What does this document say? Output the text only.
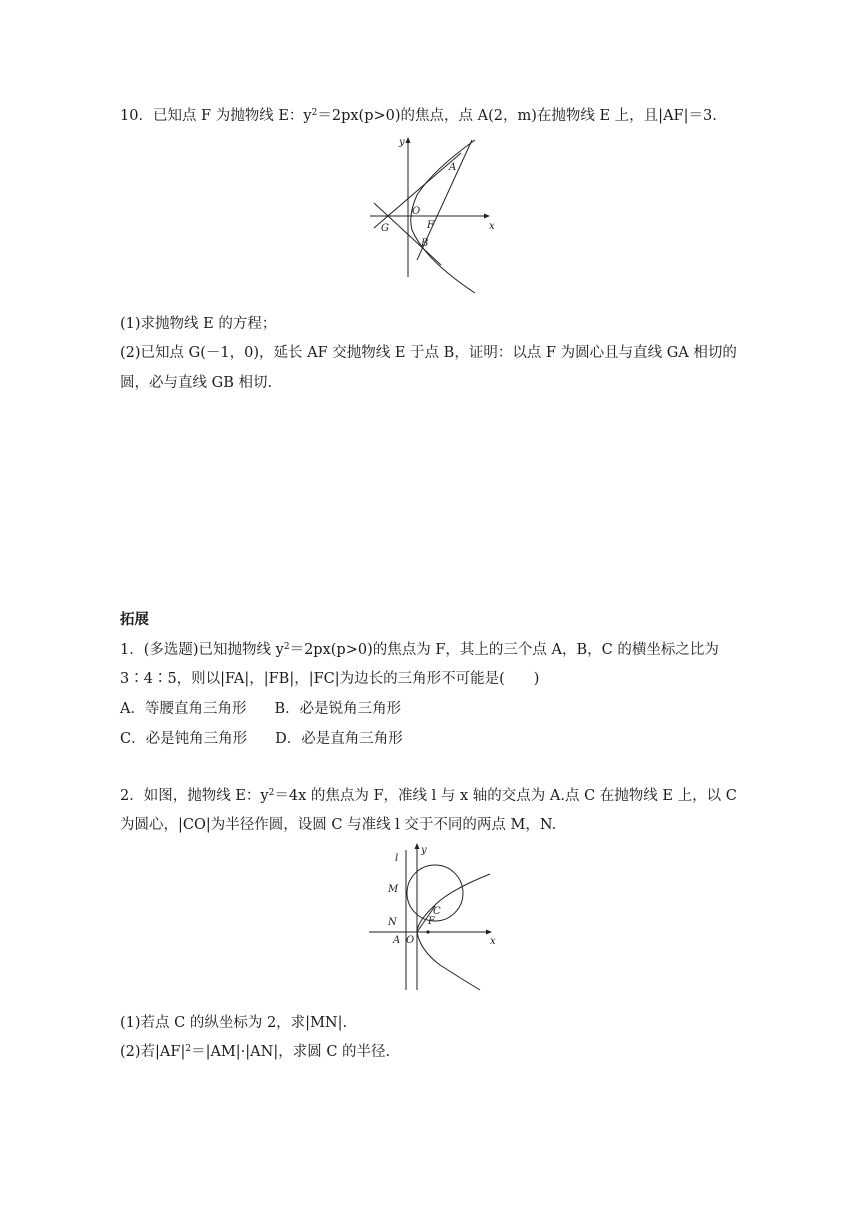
10．已知点 F 为抛物线 E：$y^2=2px(p>0)$的焦点，点 A(2，m)在抛物线 E 上，且|AF|＝3.
y
x
A
O
F
G
B
(1)求抛物线 E 的方程；
(2)已知点 G(－1，0)，延长 AF 交抛物线 E 于点 B，证明：以点 F 为圆心且与直线 GA 相切的
圆，必与直线 GB 相切.
拓展
1．(多选题)已知抛物线 $y^2=2px(p>0)$的焦点为 F，其上的三个点 A，B，C 的横坐标之比为
3∶4∶5，则以|FA|，|FB|，|FC|为边长的三角形不可能是(　　)
A．等腰直角三角形 B．必是锐角三角形
C．必是钝角三角形 D．必是直角三角形
2．如图，抛物线 E：$y^2=4x$ 的焦点为 F，准线 l 与 x 轴的交点为 A.点 C 在抛物线 E 上，以 C
为圆心，|CO|为半径作圆，设圆 C 与准线 l 交于不同的两点 M，N.
l
y
x
M
N
C
F
A O
(1)若点 C 的纵坐标为 2，求|MN|.
(2)若$|AF|^2=|AM|\cdot|AN|$，求圆 C 的半径.
